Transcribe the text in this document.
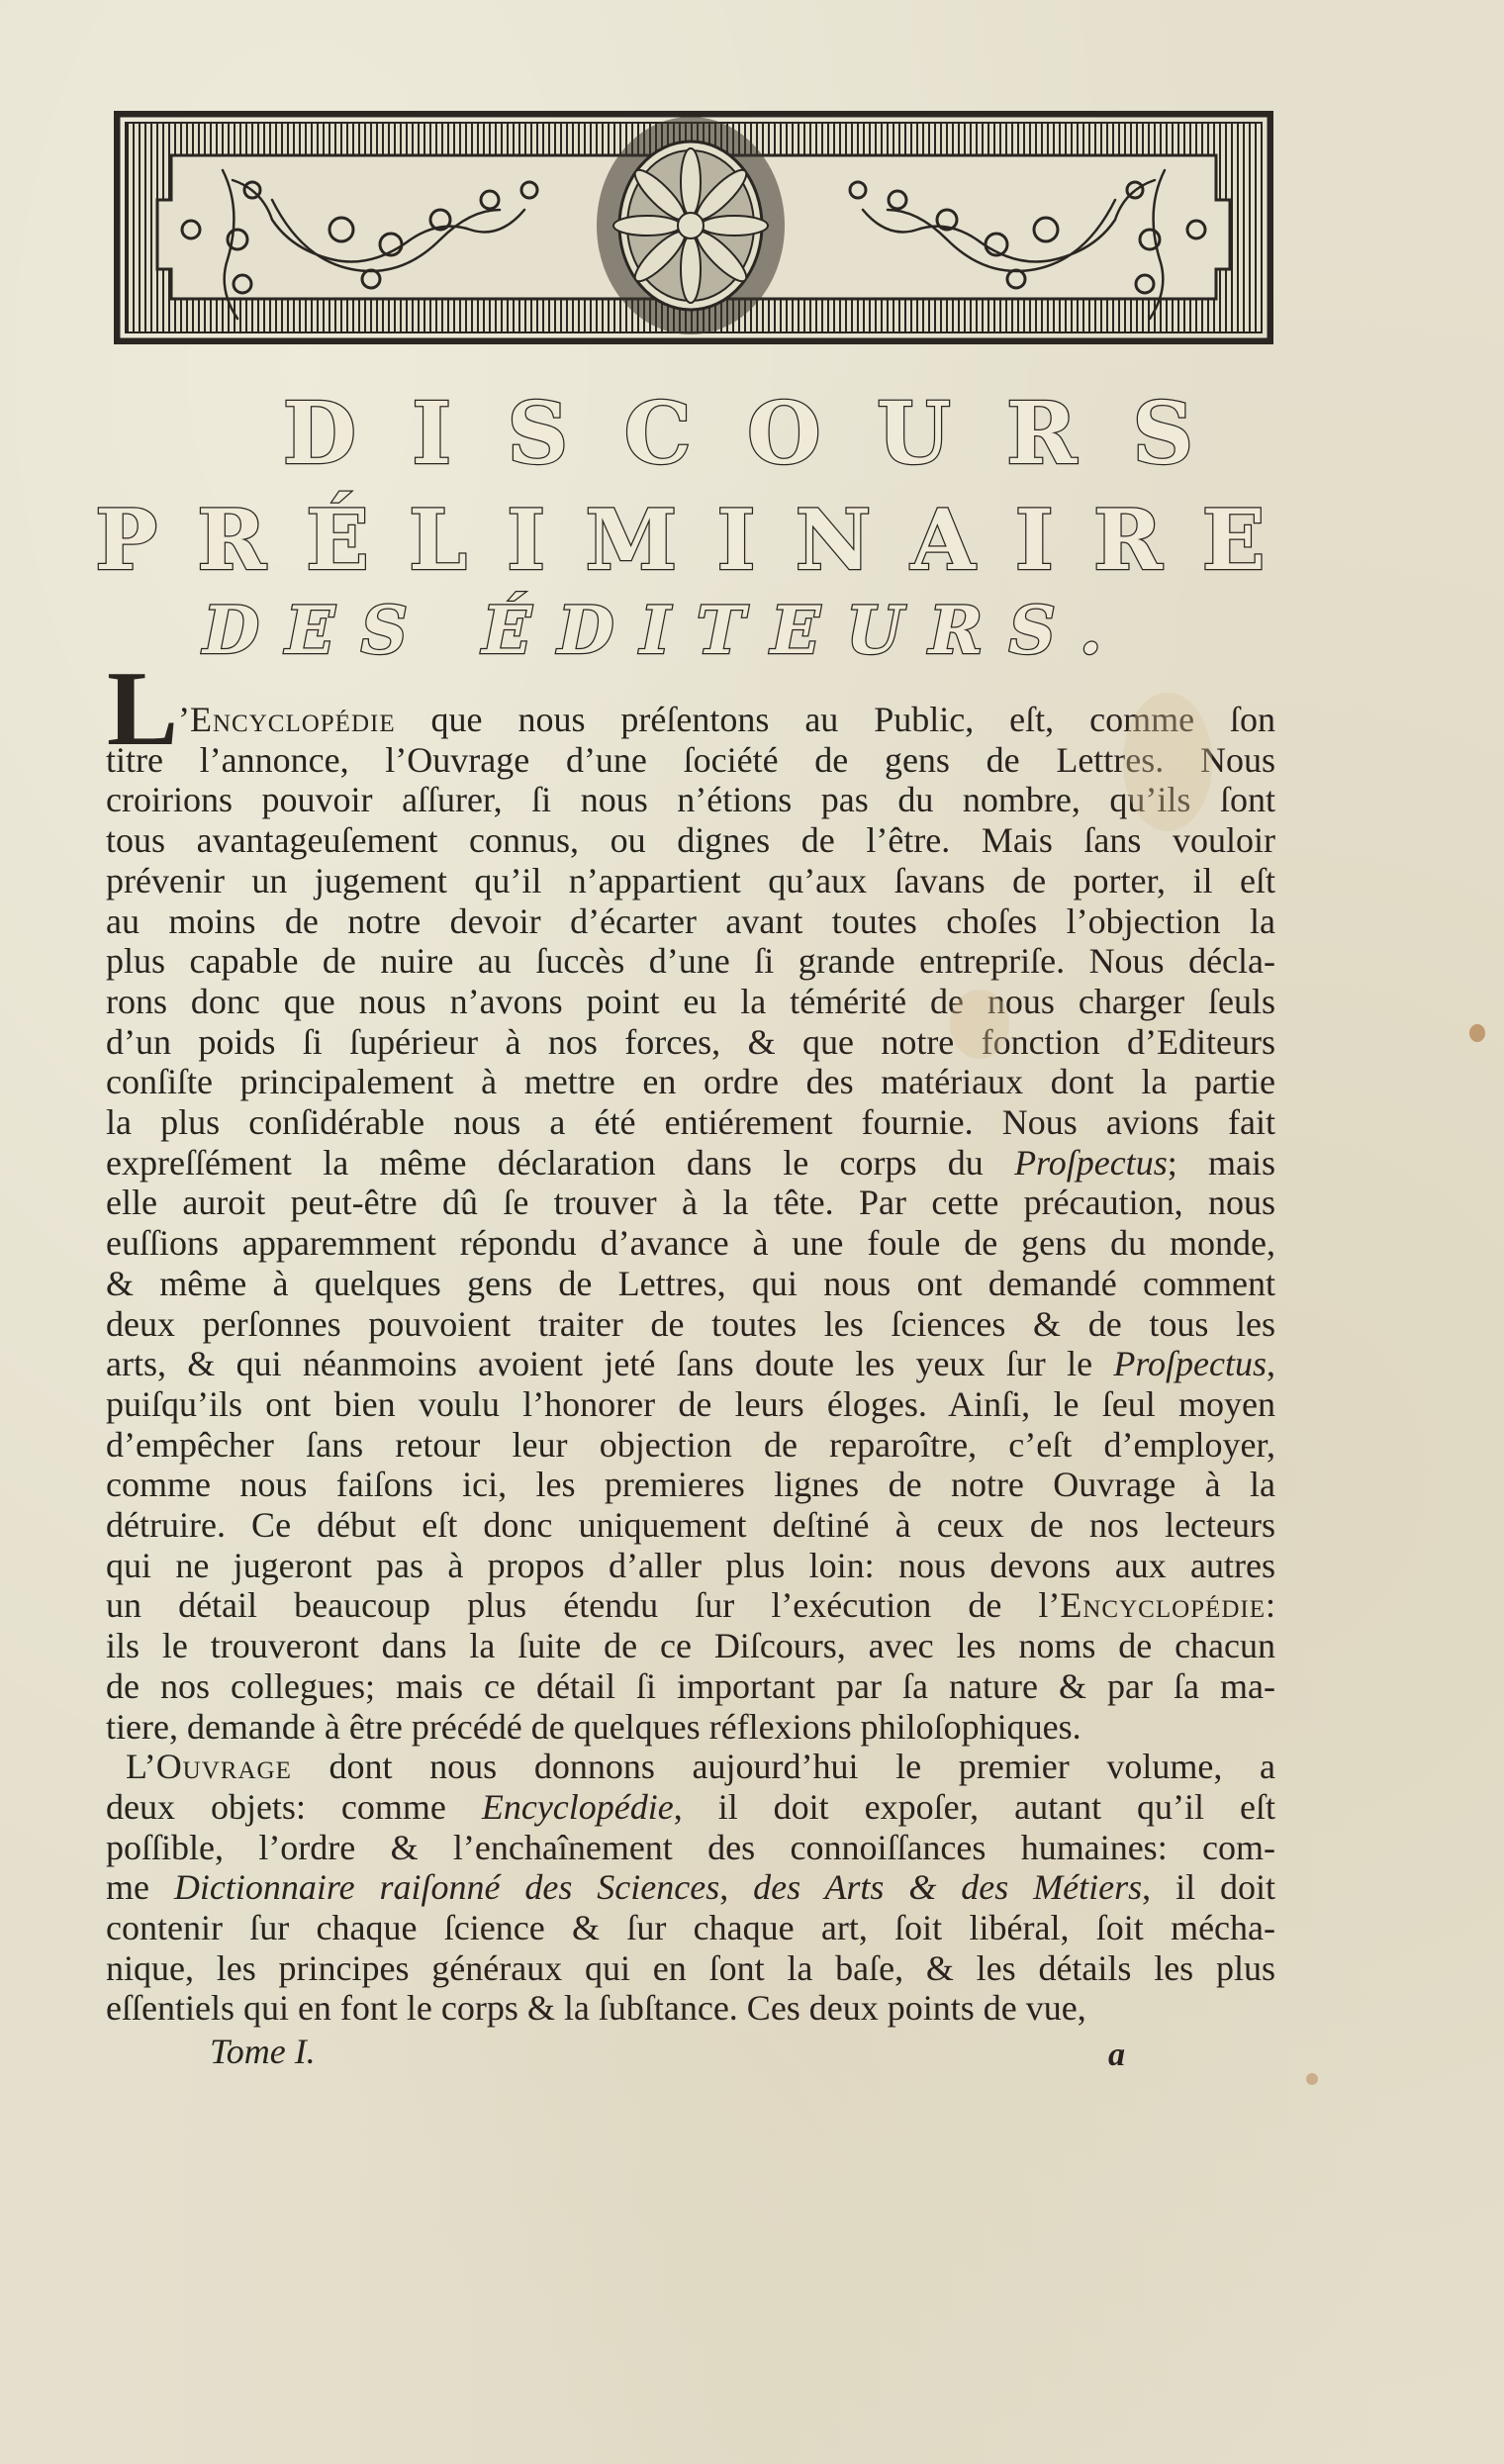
DISCOURS
PRÉLIMINAIRE
DES ÉDITEURS.
L ’Encyclopédie que nous préſentons au Public, eſt, comme ſon
titre l’annonce, l’Ouvrage d’une ſociété de gens de Lettres. Nous
croirions pouvoir aſſurer, ſi nous n’étions pas du nombre, qu’ils ſont
tous avantageuſement connus, ou dignes de l’être. Mais ſans vouloir
prévenir un jugement qu’il n’appartient qu’aux ſavans de porter, il eſt
au moins de notre devoir d’écarter avant toutes choſes l’objection la
plus capable de nuire au ſuccès d’une ſi grande entrepriſe. Nous décla-
rons donc que nous n’avons point eu la témérité de nous charger ſeuls
d’un poids ſi ſupérieur à nos forces, & que notre fonction d’Editeurs
conſiſte principalement à mettre en ordre des matériaux dont la partie
la plus conſidérable nous a été entiérement fournie. Nous avions fait
expreſſément la même déclaration dans le corps du Proſpectus; mais
elle auroit peut-être dû ſe trouver à la tête. Par cette précaution, nous
euſſions apparemment répondu d’avance à une foule de gens du monde,
& même à quelques gens de Lettres, qui nous ont demandé comment
deux perſonnes pouvoient traiter de toutes les ſciences & de tous les
arts, & qui néanmoins avoient jeté ſans doute les yeux ſur le Proſpectus,
puiſqu’ils ont bien voulu l’honorer de leurs éloges. Ainſi, le ſeul moyen
d’empêcher ſans retour leur objection de reparoître, c’eſt d’employer,
comme nous faiſons ici, les premieres lignes de notre Ouvrage à la
détruire. Ce début eſt donc uniquement deſtiné à ceux de nos lecteurs
qui ne jugeront pas à propos d’aller plus loin: nous devons aux autres
un détail beaucoup plus étendu ſur l’exécution de l’Encyclopédie:
ils le trouveront dans la ſuite de ce Diſcours, avec les noms de chacun
de nos collegues; mais ce détail ſi important par ſa nature & par ſa ma-
tiere, demande à être précédé de quelques réflexions philoſophiques.
L’Ouvrage dont nous donnons aujourd’hui le premier volume, a
deux objets: comme Encyclopédie, il doit expoſer, autant qu’il eſt
poſſible, l’ordre & l’enchaînement des connoiſſances humaines: com-
me Dictionnaire raiſonné des Sciences, des Arts & des Métiers, il doit
contenir ſur chaque ſcience & ſur chaque art, ſoit libéral, ſoit mécha-
nique, les principes généraux qui en ſont la baſe, & les détails les plus
eſſentiels qui en font le corps & la ſubſtance. Ces deux points de vue,
Tome I.	a
